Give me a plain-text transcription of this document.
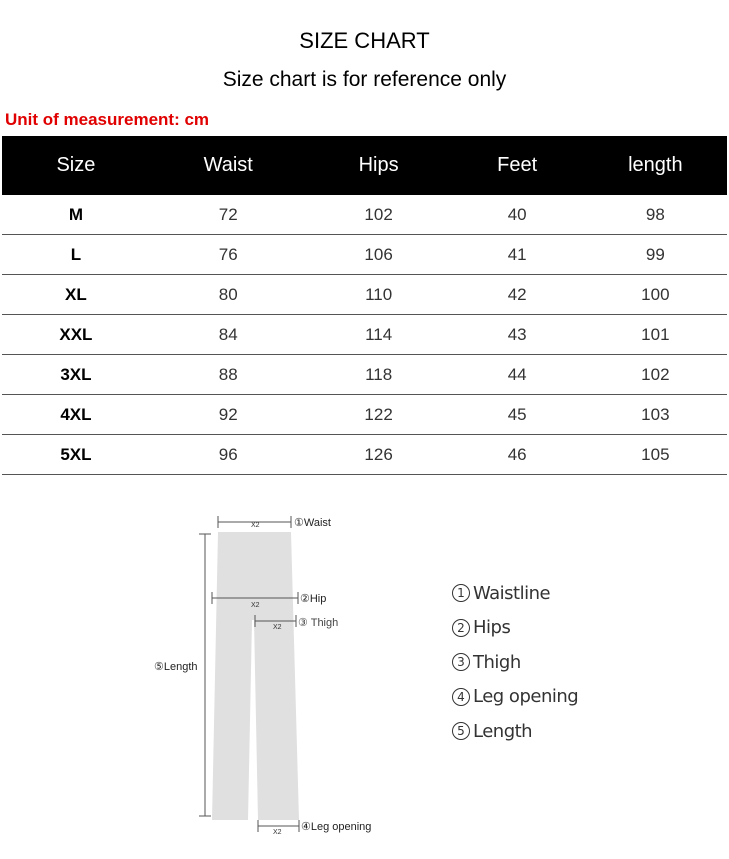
SIZE CHART
Size chart is for reference only
Unit of measurement: cm
Size	Waist	Hips	Feet	length
M	72	102	40	98
L	76	106	41	99
XL	80	110	42	100
XXL	84	114	43	101
3XL	88	118	44	102
4XL	92	122	45	103
5XL	96	126	46	105
X2	①Waist
X2
②Hip
X2 ③ Thigh
⑤Length
X2 ④Leg opening
1 Waistline
2 Hips
3 Thigh
4 Leg opening
5 Length
